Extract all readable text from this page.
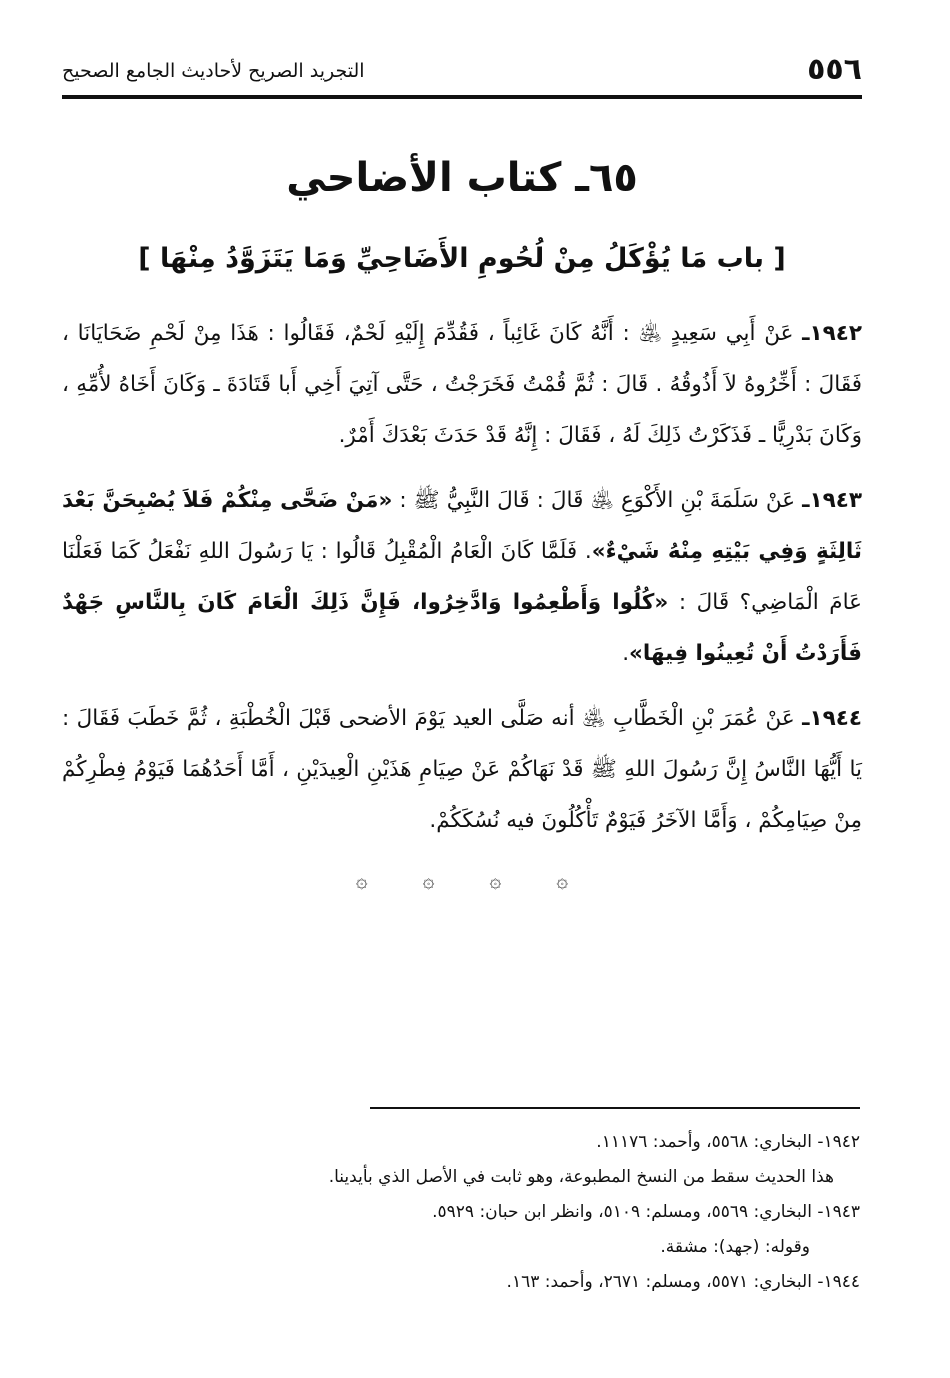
٥٥٦
التجريد الصريح لأحاديث الجامع الصحيح
٦٥ـ كتاب الأضاحي
[ باب مَا يُؤْكَلُ مِنْ لُحُومِ الأَضَاحِيِّ وَمَا يَتَزَوَّدُ مِنْهَا ]

١٩٤٢ـ عَنْ أَبِي سَعِيدٍ ﵁ : أَنَّهُ كَانَ غَائِباً ، فَقُدِّمَ إِلَيْهِ لَحْمٌ، فَقَالُوا : هَذَا مِنْ لَحْمِ ضَحَايَانَا ، فَقَالَ : أَخِّرُوهُ لاَ أَذُوقُهُ . قَالَ : ثُمَّ قُمْتُ فَخَرَجْتُ ، حَتَّى آتِيَ أَخِي أَبا قَتَادَةَ ـ وَكَانَ أَخَاهُ لأُمِّهِ ، وَكَانَ بَدْرِيًّا ـ فَذَكَرْتُ ذَلِكَ لَهُ ، فَقَالَ : إِنَّهُ قَدْ حَدَثَ بَعْدَكَ أَمْرٌ.

١٩٤٣ـ عَنْ سَلَمَةَ بْنِ الأَكْوَعِ ﵁ قَالَ : قَالَ النَّبِيُّ ﷺ : «مَنْ ضَحَّى مِنْكُمْ فَلاَ يُصْبِحَنَّ بَعْدَ ثَالِثَةٍ وَفِي بَيْتِهِ مِنْهُ شَيْءٌ». فَلَمَّا كَانَ الْعَامُ الْمُقْبِلُ قَالُوا : يَا رَسُولَ اللهِ نَفْعَلُ كَمَا فَعَلْنَا عَامَ الْمَاضِي؟ قَالَ : «كُلُوا وَأَطْعِمُوا وَادَّخِرُوا، فَإِنَّ ذَلِكَ الْعَامَ كَانَ بِالنَّاسِ جَهْدٌ فَأَرَدْتُ أَنْ تُعِينُوا فِيهَا».

١٩٤٤ـ عَنْ عُمَرَ بْنِ الْخَطَّابِ ﵁ أنه صَلَّى العيد يَوْمَ الأضحى قَبْلَ الْخُطْبَةِ ، ثُمَّ خَطَبَ فَقَالَ : يَا أَيُّهَا النَّاسُ إِنَّ رَسُولَ اللهِ ﷺ قَدْ نَهَاكُمْ عَنْ صِيَامِ هَذَيْنِ الْعِيدَيْنِ ، أَمَّا أَحَدُهُمَا فَيَوْمُ فِطْرِكُمْ مِنْ صِيَامِكُمْ ، وَأَمَّا الآخَرُ فَيَوْمٌ تَأْكُلُونَ فيه نُسُكَكُمْ.

۞	۞	۞	۞

١٩٤٢- البخاري: ٥٥٦٨، وأحمد: ١١١٧٦.

هذا الحديث سقط من النسخ المطبوعة، وهو ثابت في الأصل الذي بأيدينا.

١٩٤٣- البخاري: ٥٥٦٩، ومسلم: ٥١٠٩، وانظر ابن حبان: ٥٩٢٩.

وقوله: (جهد): مشقة.

١٩٤٤- البخاري: ٥٥٧١، ومسلم: ٢٦٧١، وأحمد: ١٦٣.
